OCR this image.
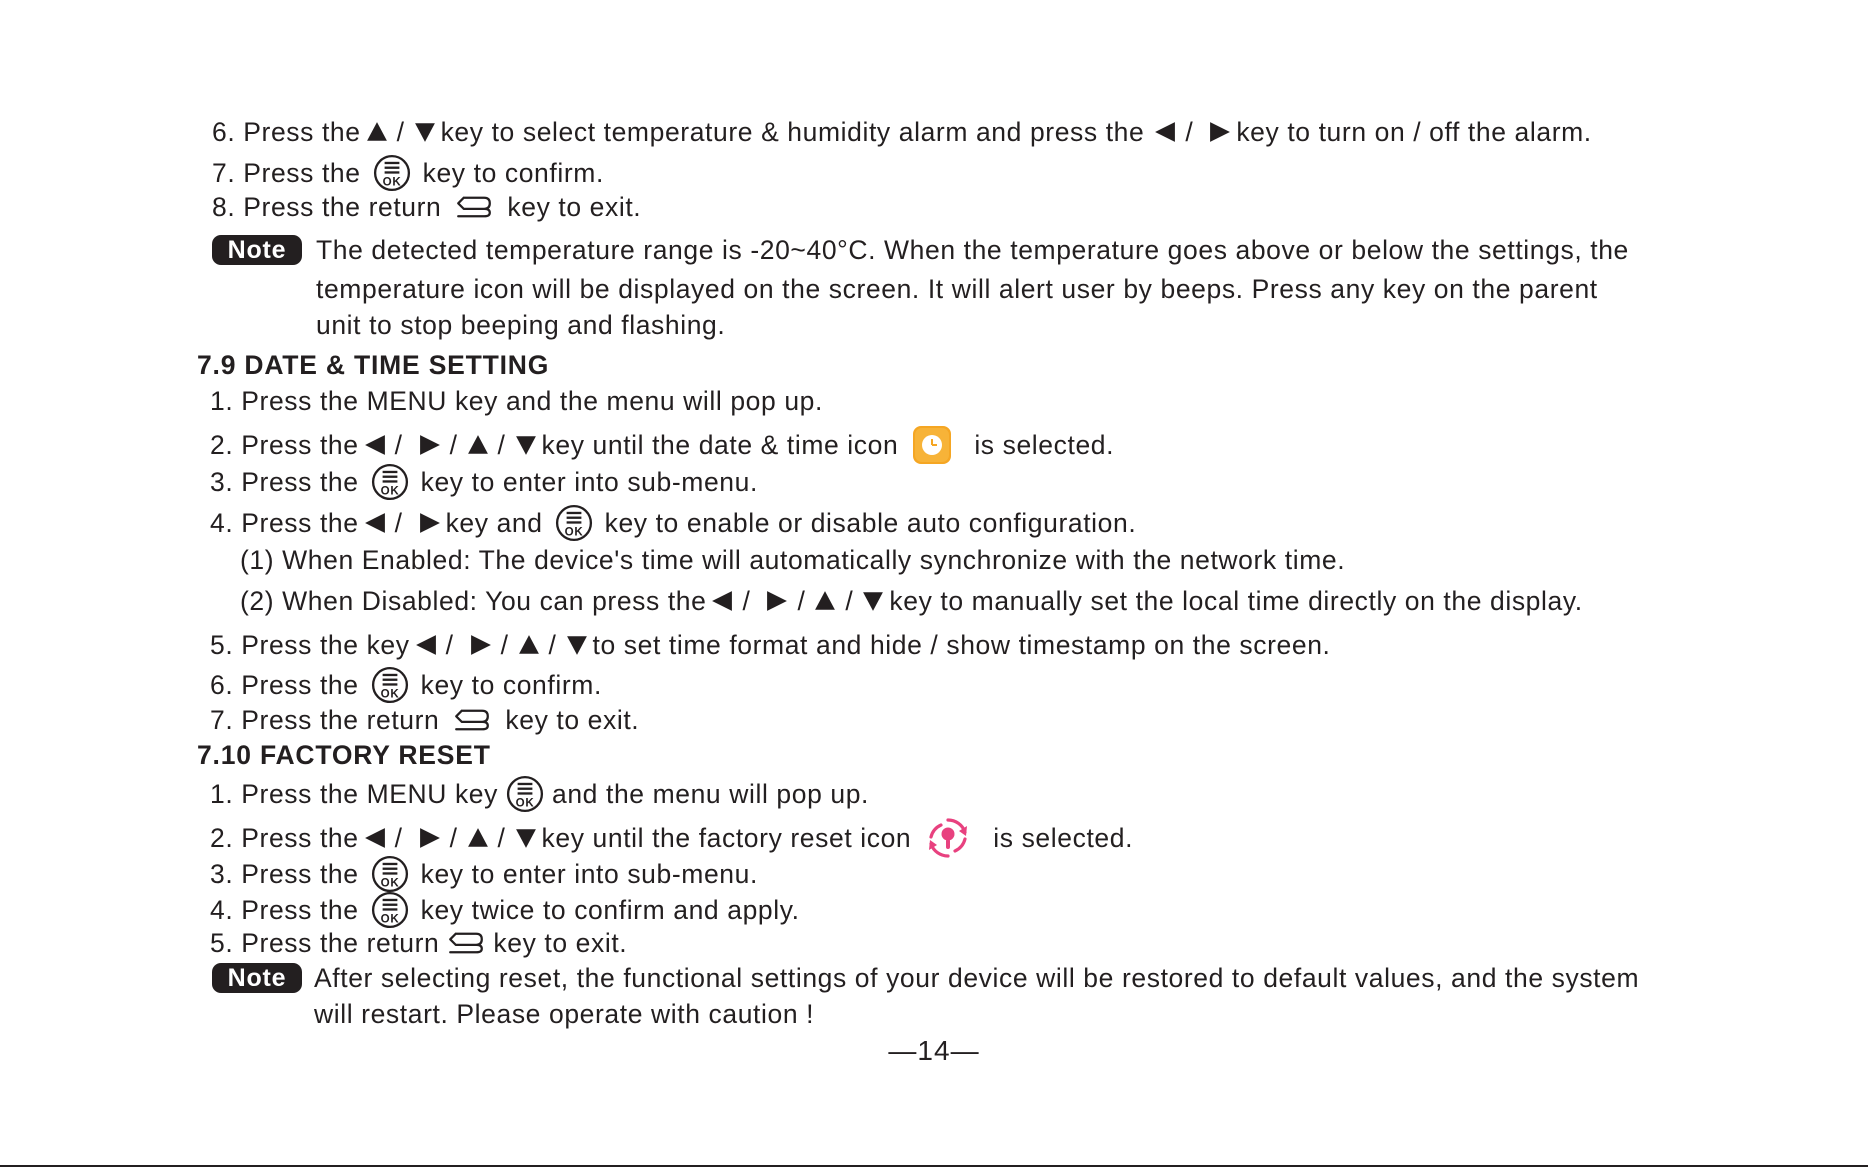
6. Press the / key to select temperature & humidity alarm and press the / key to turn on / off the alarm.
7. Press the key to confirm.
8. Press the return key to exit.
Note	The detected temperature range is -20~40°C. When the temperature goes above or below the settings, the
temperature icon will be displayed on the screen. It will alert user by beeps. Press any key on the parent
unit to stop beeping and flashing.
7.9 DATE & TIME SETTING
1. Press the MENU key and the menu will pop up.
2. Press the / / / key until the date & time icon	is selected.
3. Press the key to enter into sub-menu.
4. Press the / key and key to enable or disable auto configuration.
(1) When Enabled: The device's time will automatically synchronize with the network time.
(2) When Disabled: You can press the / / / key to manually set the local time directly on the display.
5. Press the key / / / to set time format and hide / show timestamp on the screen.
6. Press the key to confirm.
7. Press the return key to exit.
7.10 FACTORY RESET
1. Press the MENU key and the menu will pop up.
2. Press the / / / key until the factory reset icon	is selected.
3. Press the key to enter into sub-menu.
4. Press the key twice to confirm and apply.
5. Press the return key to exit.
Note	After selecting reset, the functional settings of your device will be restored to default values, and the system
will restart. Please operate with caution !
—14—
